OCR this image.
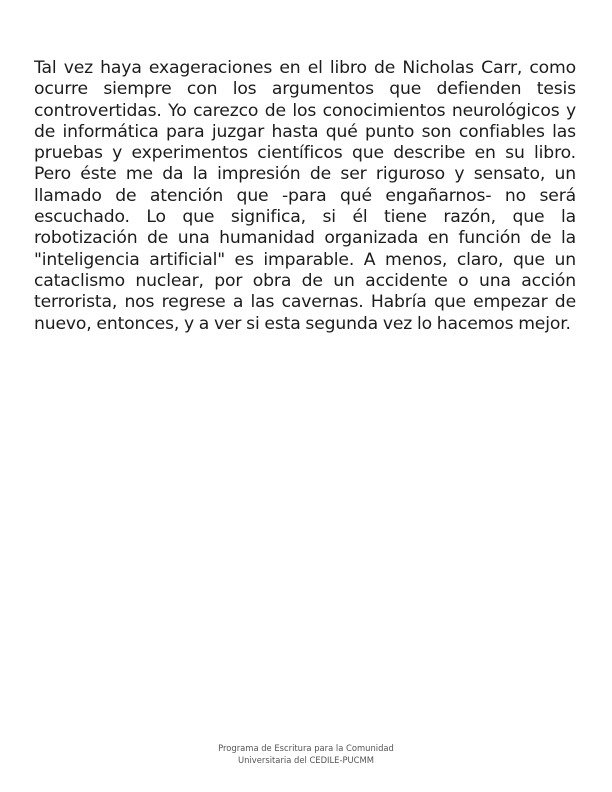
Tal vez haya exageraciones en el libro de Nicholas Carr, como ocurre siempre con los argumentos que defienden tesis controvertidas. Yo carezco de los conocimientos neurológicos y de informática para juzgar hasta qué punto son confiables las pruebas y experimentos científicos que describe en su libro. Pero éste me da la impresión de ser riguroso y sensato, un llamado de atención que -para qué engañarnos- no será escuchado. Lo que significa, si él tiene razón, que la robotización de una humanidad organizada en función de la "inteligencia artificial" es imparable. A menos, claro, que un cataclismo nuclear, por obra de un accidente o una acción terrorista, nos regrese a las cavernas. Habría que empezar de nuevo, entonces, y a ver si esta segunda vez lo hacemos mejor.

Programa de Escritura para la Comunidad
Universitaria del CEDILE-PUCMM
